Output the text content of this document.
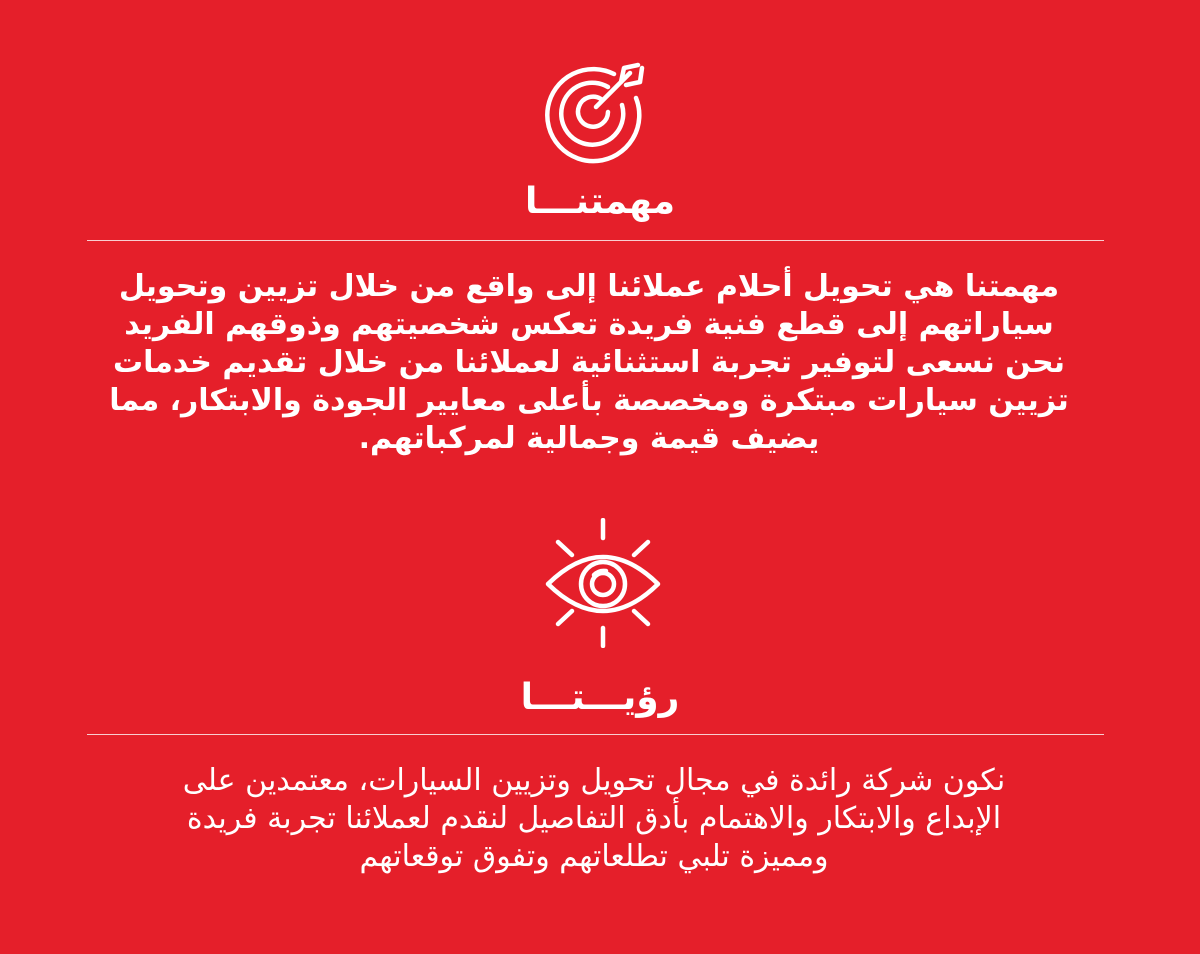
مهمتنـــا
مهمتنا هي تحويل أحلام عملائنا إلى واقع من خلال تزيين وتحويل
سياراتهم إلى قطع فنية فريدة تعكس شخصيتهم وذوقهم الفريد
نحن نسعى لتوفير تجربة استثنائية لعملائنا من خلال تقديم خدمات
تزيين سيارات مبتكرة ومخصصة بأعلى معايير الجودة والابتكار، مما
يضيف قيمة وجمالية لمركباتهم.
رؤيـــتـــا
نكون شركة رائدة في مجال تحويل وتزيين السيارات، معتمدين على
الإبداع والابتكار والاهتمام بأدق التفاصيل لنقدم لعملائنا تجربة فريدة
ومميزة تلبي تطلعاتهم وتفوق توقعاتهم
